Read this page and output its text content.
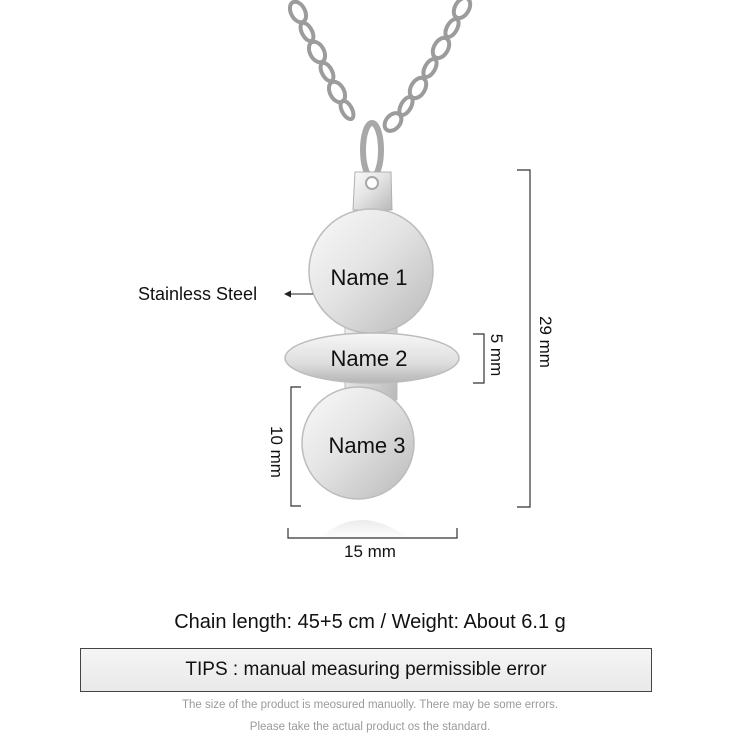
Name 1
Name 2
Name 3
29 mm
5 mm
10 mm
15 mm
Stainless Steel
Chain length: 45+5 cm / Weight: About 6.1 g
TIPS : manual measuring permissible error
The size of the product is meosured manuolly. There may be some errors.
Please take the actual product os the standard.
